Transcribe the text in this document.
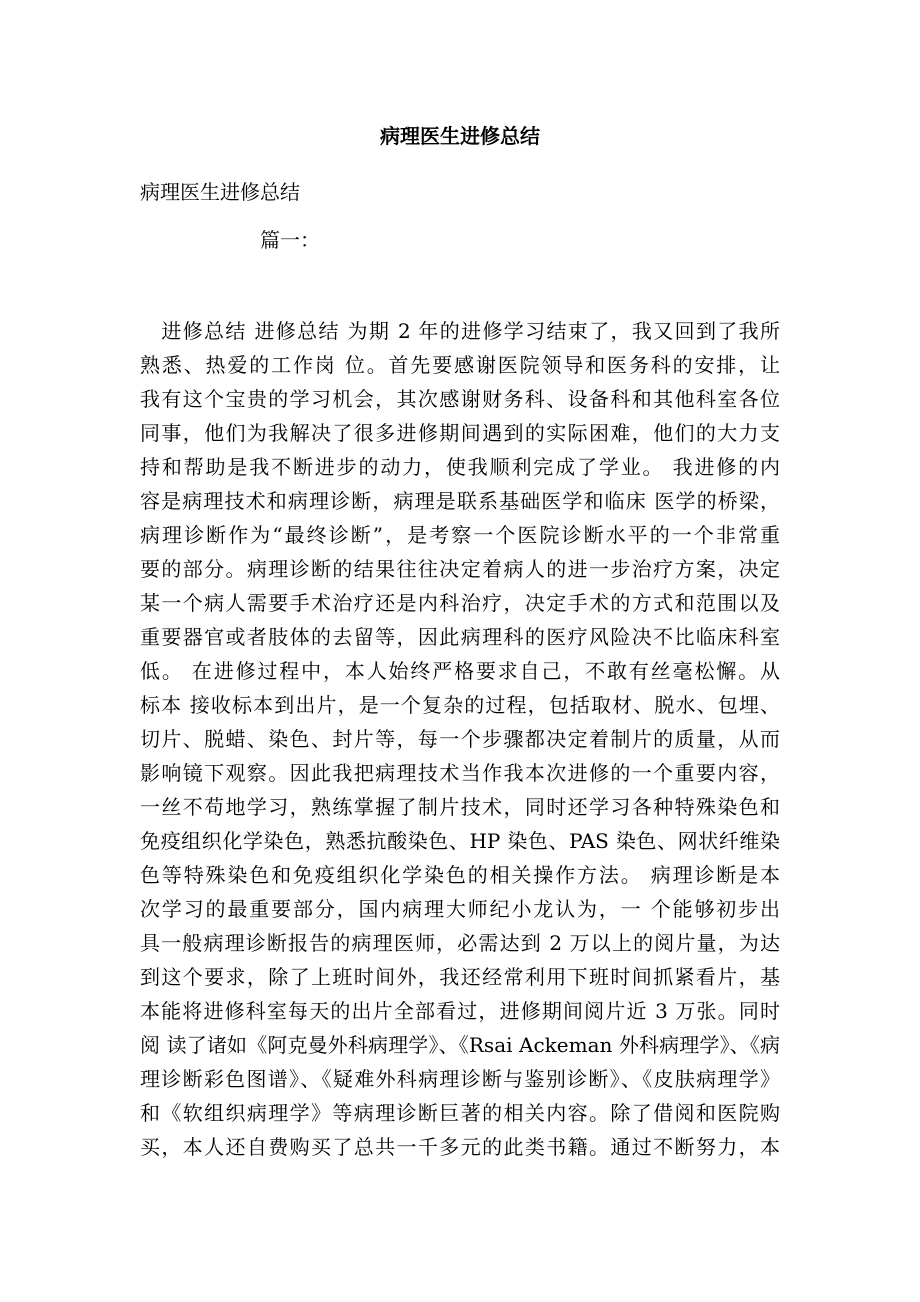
病理医生进修总结

病理医生进修总结

篇一：

　进修总结 进修总结 为期 2 年的进修学习结束了，我又回到了我所
熟悉、热爱的工作岗 位。首先要感谢医院领导和医务科的安排，让
我有这个宝贵的学习机会，其次感谢财务科、设备科和其他科室各位
同事，他们为我解决了很多进修期间遇到的实际困难，他们的大力支
持和帮助是我不断进步的动力，使我顺利完成了学业。 我进修的内
容是病理技术和病理诊断，病理是联系基础医学和临床 医学的桥梁，
病理诊断作为“最终诊断”，是考察一个医院诊断水平的一个非常重
要的部分。病理诊断的结果往往决定着病人的进一步治疗方案，决定
某一个病人需要手术治疗还是内科治疗，决定手术的方式和范围以及
重要器官或者肢体的去留等，因此病理科的医疗风险决不比临床科室
低。 在进修过程中，本人始终严格要求自己，不敢有丝毫松懈。从
标本 接收标本到出片，是一个复杂的过程，包括取材、脱水、包埋、
切片、脱蜡、染色、封片等，每一个步骤都决定着制片的质量，从而
影响镜下观察。因此我把病理技术当作我本次进修的一个重要内容，
一丝不苟地学习，熟练掌握了制片技术，同时还学习各种特殊染色和
免疫组织化学染色，熟悉抗酸染色、HP 染色、PAS 染色、网状纤维染
色等特殊染色和免疫组织化学染色的相关操作方法。 病理诊断是本
次学习的最重要部分，国内病理大师纪小龙认为，一 个能够初步出
具一般病理诊断报告的病理医师，必需达到 2 万以上的阅片量，为达
到这个要求，除了上班时间外，我还经常利用下班时间抓紧看片，基
本能将进修科室每天的出片全部看过，进修期间阅片近 3 万张。同时
阅 读了诸如《阿克曼外科病理学》、《Rsai Ackeman 外科病理学》、《病
理诊断彩色图谱》、《疑难外科病理诊断与鉴别诊断》、《皮肤病理学》
和《软组织病理学》等病理诊断巨著的相关内容。除了借阅和医院购
买，本人还自费购买了总共一千多元的此类书籍。通过不断努力，本
